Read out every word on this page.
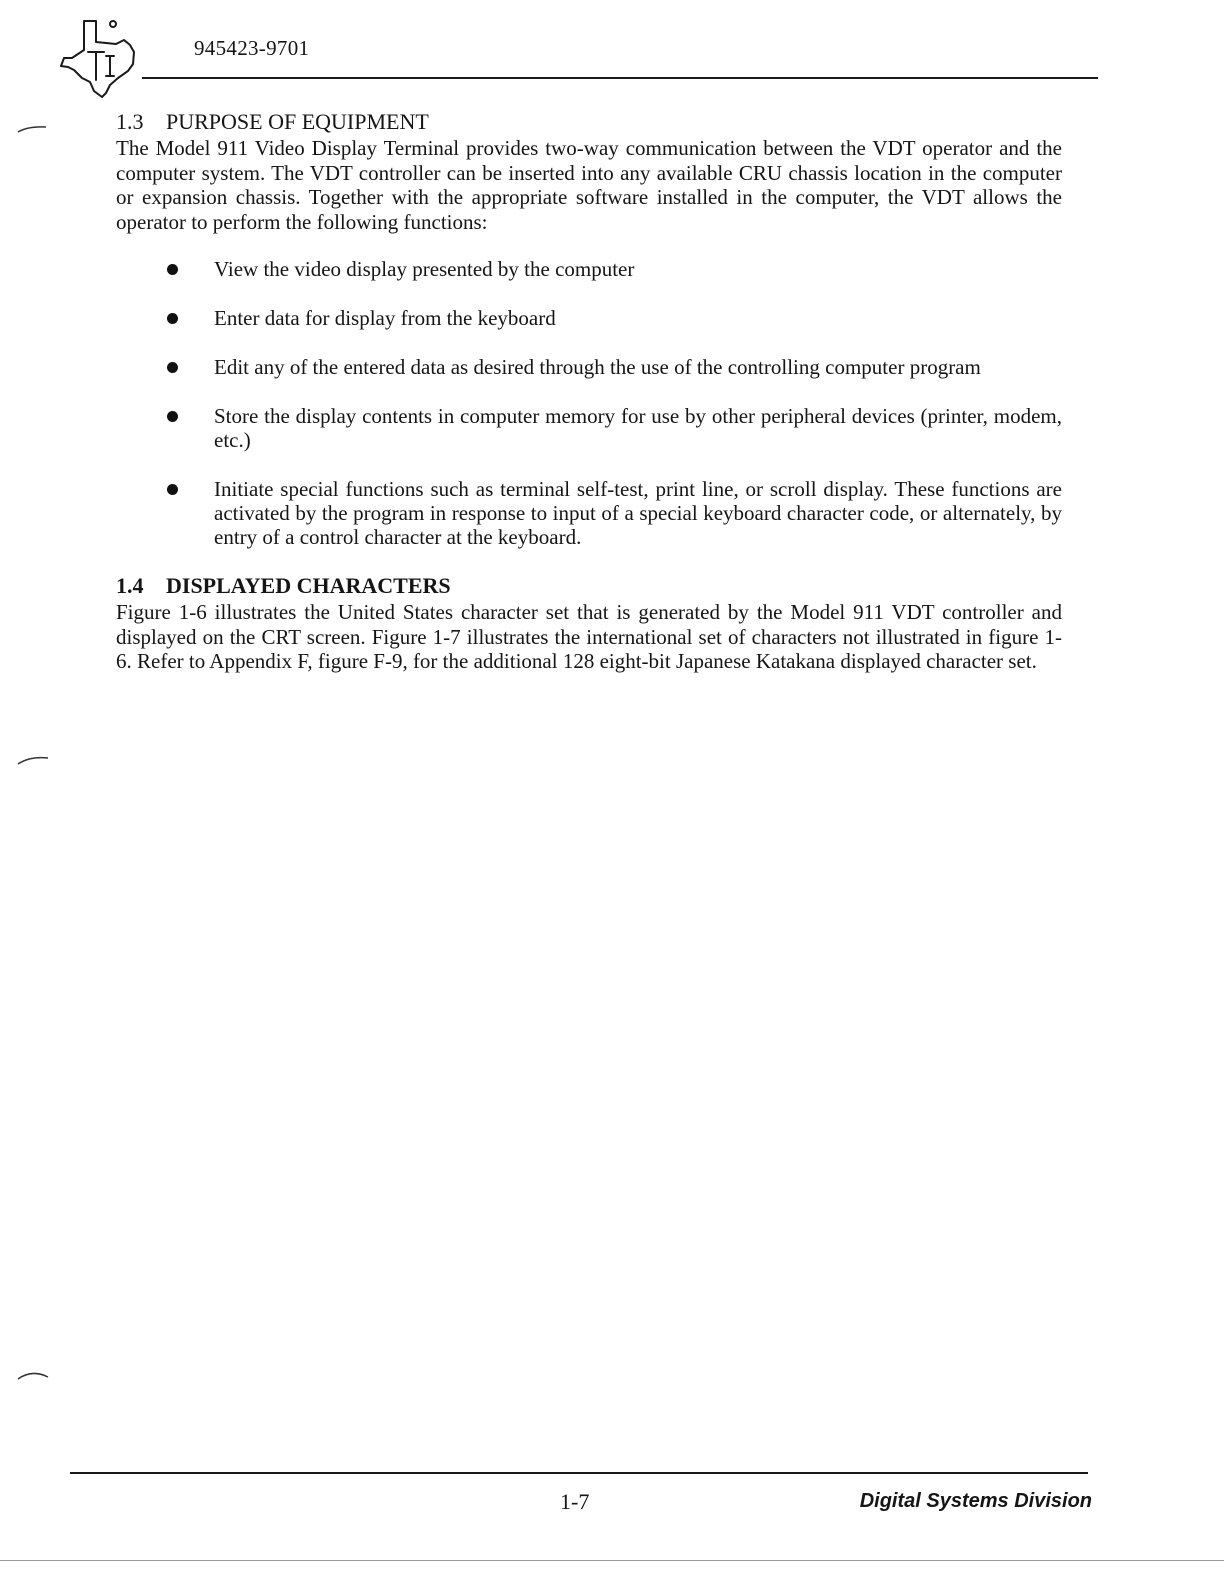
945423-9701
1.3 PURPOSE OF EQUIPMENT

The Model 911 Video Display Terminal provides two-way communication between the VDT operator and the computer system. The VDT controller can be inserted into any available CRU chassis location in the computer or expansion chassis. Together with the appropriate software installed in the computer, the VDT allows the operator to perform the following functions:

View the video display presented by the computer
Enter data for display from the keyboard
Edit any of the entered data as desired through the use of the controlling computer program
Store the display contents in computer memory for use by other peripheral devices (printer, modem, etc.)
Initiate special functions such as terminal self-test, print line, or scroll display. These functions are activated by the program in response to input of a special keyboard character code, or alternately, by entry of a control character at the keyboard.
1.4 DISPLAYED CHARACTERS

Figure 1-6 illustrates the United States character set that is generated by the Model 911 VDT controller and displayed on the CRT screen. Figure 1-7 illustrates the international set of characters not illustrated in figure 1-6. Refer to Appendix F, figure F-9, for the additional 128 eight-bit Japanese Katakana displayed character set.

1-7	Digital Systems Division
